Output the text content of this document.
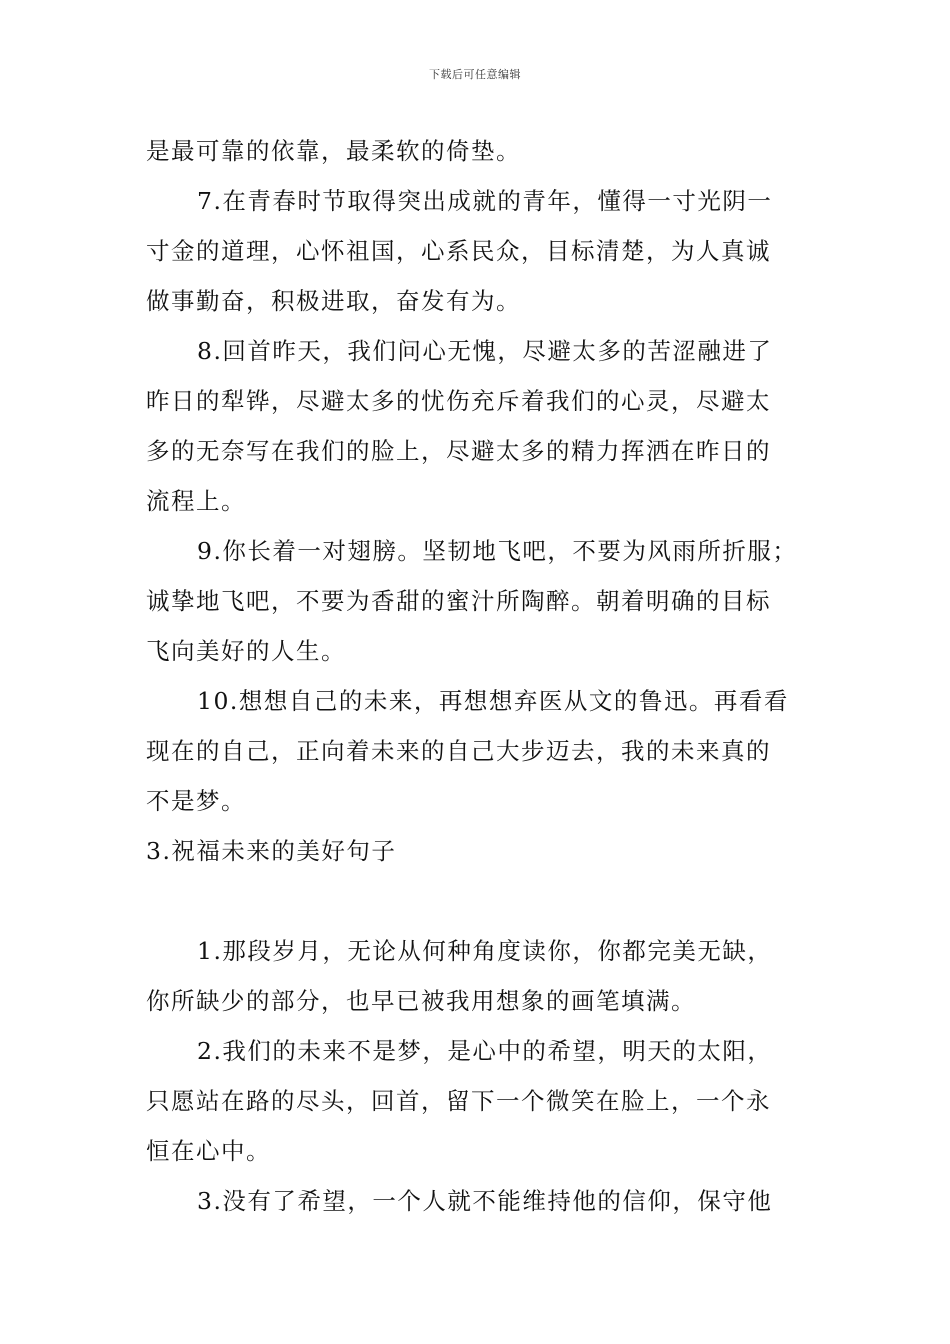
下载后可任意编辑
是最可靠的依靠，最柔软的倚垫。
7.在青春时节取得突出成就的青年，懂得一寸光阴一
寸金的道理，心怀祖国，心系民众，目标清楚，为人真诚
做事勤奋，积极进取，奋发有为。
8.回首昨天，我们问心无愧，尽避太多的苦涩融进了
昨日的犁铧，尽避太多的忧伤充斥着我们的心灵，尽避太
多的无奈写在我们的脸上，尽避太多的精力挥洒在昨日的
流程上。
9.你长着一对翅膀。坚韧地飞吧，不要为风雨所折服；
诚挚地飞吧，不要为香甜的蜜汁所陶醉。朝着明确的目标
飞向美好的人生。
10.想想自己的未来，再想想弃医从文的鲁迅。再看看
现在的自己，正向着未来的自己大步迈去，我的未来真的
不是梦。
3.祝福未来的美好句子
1.那段岁月，无论从何种角度读你，你都完美无缺，
你所缺少的部分，也早已被我用想象的画笔填满。
2.我们的未来不是梦，是心中的希望，明天的太阳，
只愿站在路的尽头，回首，留下一个微笑在脸上，一个永
恒在心中。
3.没有了希望，一个人就不能维持他的信仰，保守他
